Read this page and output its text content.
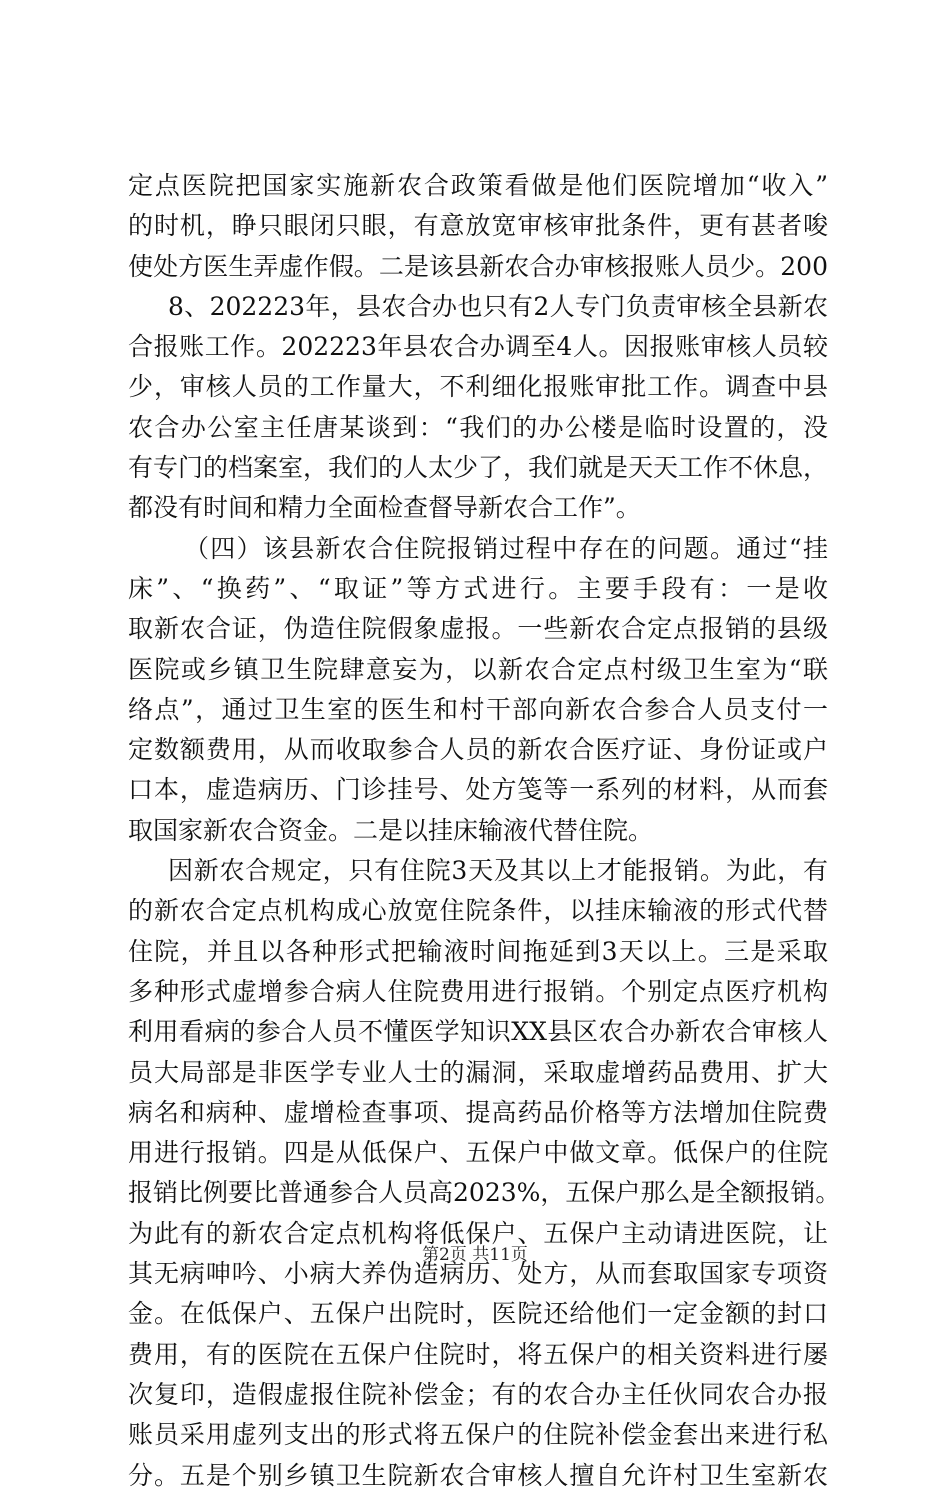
定点医院把国家实施新农合政策看做是他们医院增加“收入”
的时机，睁只眼闭只眼，有意放宽审核审批条件，更有甚者唆
使处方医生弄虚作假。二是该县新农合办审核报账人员少。200
8、202223年，县农合办也只有2人专门负责审核全县新农
合报账工作。202223年县农合办调至4人。因报账审核人员较
少，审核人员的工作量大，不利细化报账审批工作。调查中县
农合办公室主任唐某谈到：“我们的办公楼是临时设置的，没
有专门的档案室，我们的人太少了，我们就是天天工作不休息，
都没有时间和精力全面检查督导新农合工作”。
（四）该县新农合住院报销过程中存在的问题。通过“挂
床”、“换药”、“取证”等方式进行。主要手段有：一是收
取新农合证，伪造住院假象虚报。一些新农合定点报销的县级
医院或乡镇卫生院肆意妄为，以新农合定点村级卫生室为“联
络点”，通过卫生室的医生和村干部向新农合参合人员支付一
定数额费用，从而收取参合人员的新农合医疗证、身份证或户
口本，虚造病历、门诊挂号、处方笺等一系列的材料，从而套
取国家新农合资金。二是以挂床输液代替住院。
因新农合规定，只有住院3天及其以上才能报销。为此，有
的新农合定点机构成心放宽住院条件，以挂床输液的形式代替
住院，并且以各种形式把输液时间拖延到3天以上。三是采取
多种形式虚增参合病人住院费用进行报销。个别定点医疗机构
利用看病的参合人员不懂医学知识XX县区农合办新农合审核人
员大局部是非医学专业人士的漏洞，采取虚增药品费用、扩大
病名和病种、虚增检查事项、提高药品价格等方法增加住院费
用进行报销。四是从低保户、五保户中做文章。低保户的住院
报销比例要比普通参合人员高2023%，五保户那么是全额报销。
为此有的新农合定点机构将低保户、五保户主动请进医院，让
其无病呻吟、小病大养伪造病历、处方，从而套取国家专项资
金。在低保户、五保户出院时，医院还给他们一定金额的封口
费用，有的医院在五保户住院时，将五保户的相关资料进行屡
次复印，造假虚报住院补偿金；有的农合办主任伙同农合办报
账员采用虚列支出的形式将五保户的住院补偿金套出来进行私
分。五是个别乡镇卫生院新农合审核人擅自允许村卫生室新农
第2页 共11页
